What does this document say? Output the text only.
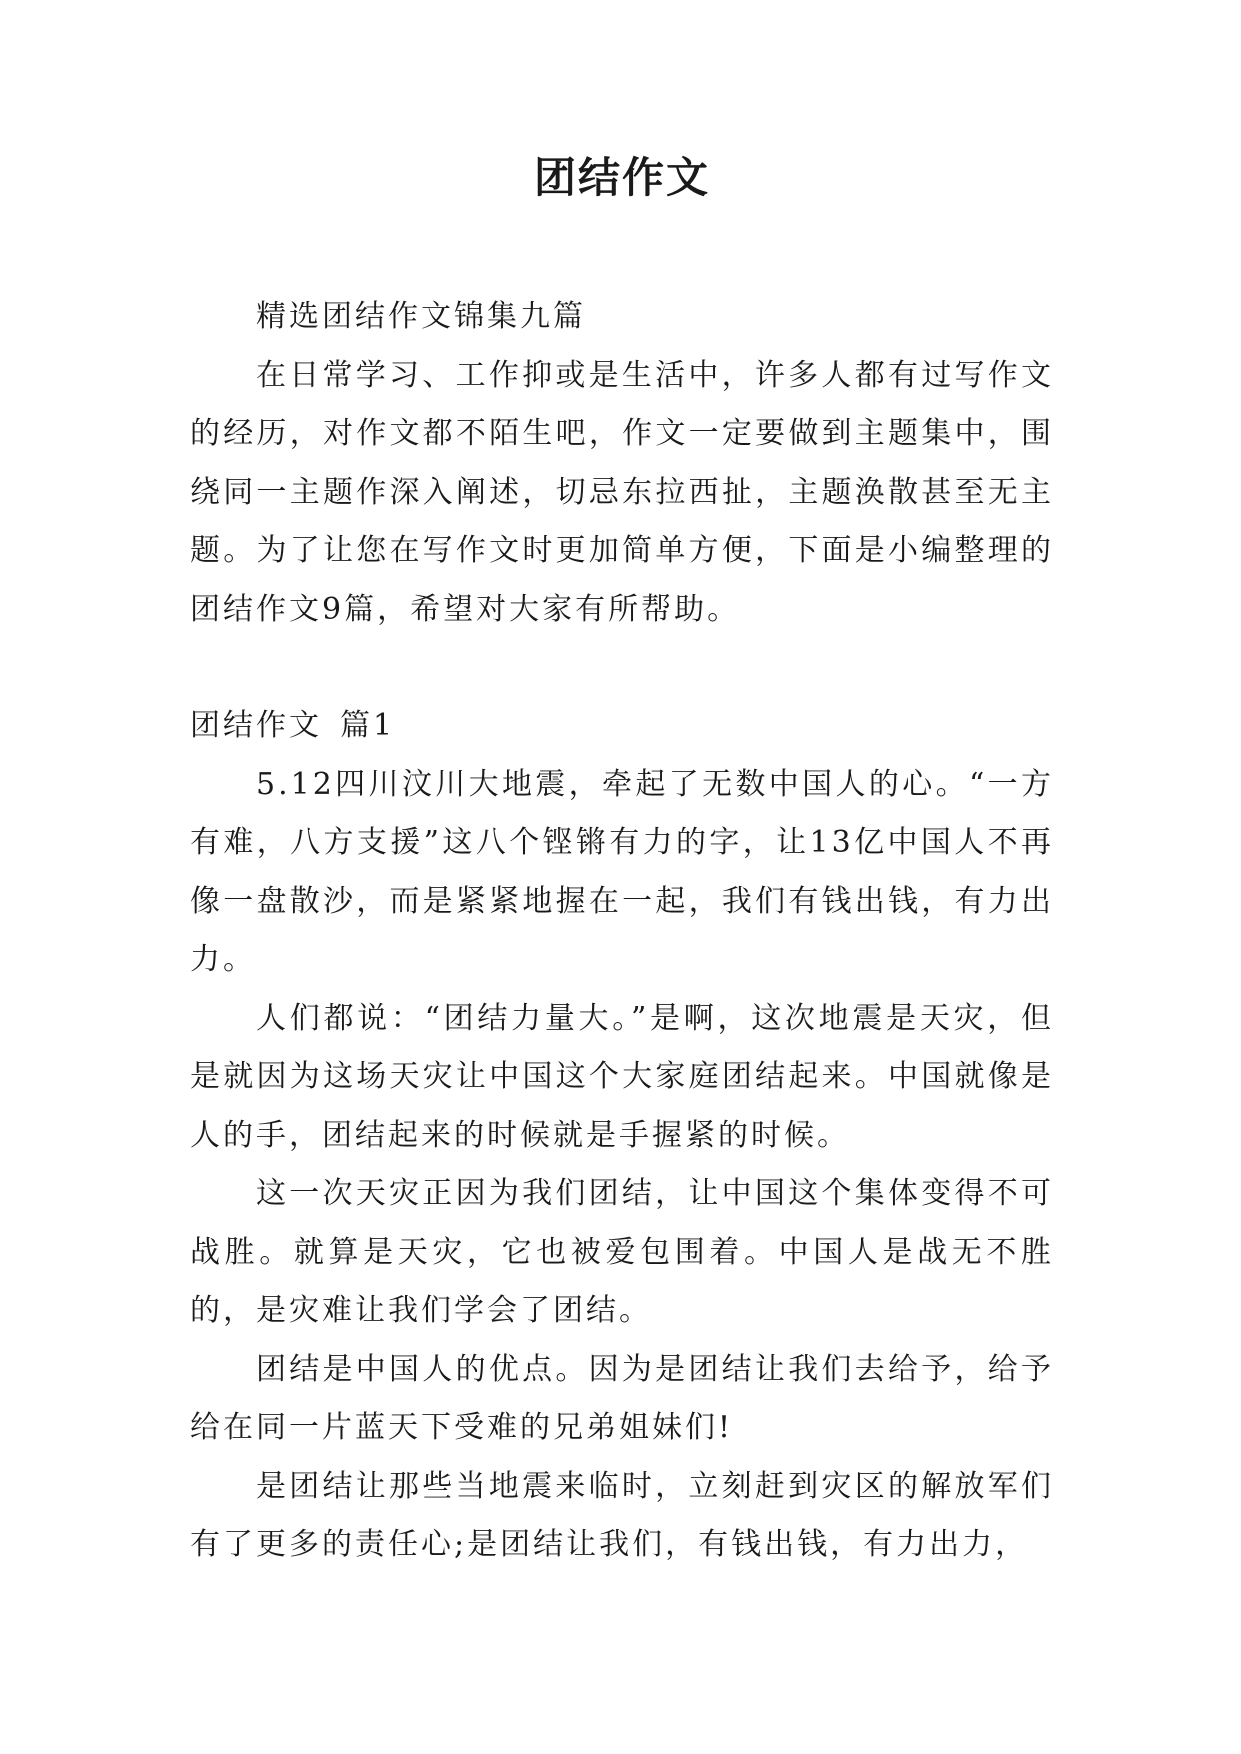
团结作文

精选团结作文锦集九篇

在日常学习、工作抑或是生活中，许多人都有过写作文的经历，对作文都不陌生吧，作文一定要做到主题集中，围绕同一主题作深入阐述，切忌东拉西扯，主题涣散甚至无主题。为了让您在写作文时更加简单方便，下面是小编整理的团结作文9篇，希望对大家有所帮助。

团结作文 篇1

5.12四川汶川大地震，牵起了无数中国人的心。“一方有难，八方支援”这八个铿锵有力的字，让13亿中国人不再像一盘散沙，而是紧紧地握在一起，我们有钱出钱，有力出力。

人们都说：“团结力量大。”是啊，这次地震是天灾，但是就因为这场天灾让中国这个大家庭团结起来。中国就像是人的手，团结起来的时候就是手握紧的时候。

这一次天灾正因为我们团结，让中国这个集体变得不可战胜。就算是天灾，它也被爱包围着。中国人是战无不胜的，是灾难让我们学会了团结。

团结是中国人的优点。因为是团结让我们去给予，给予给在同一片蓝天下受难的兄弟姐妹们!

是团结让那些当地震来临时，立刻赶到灾区的解放军们有了更多的责任心;是团结让我们，有钱出钱，有力出力，
